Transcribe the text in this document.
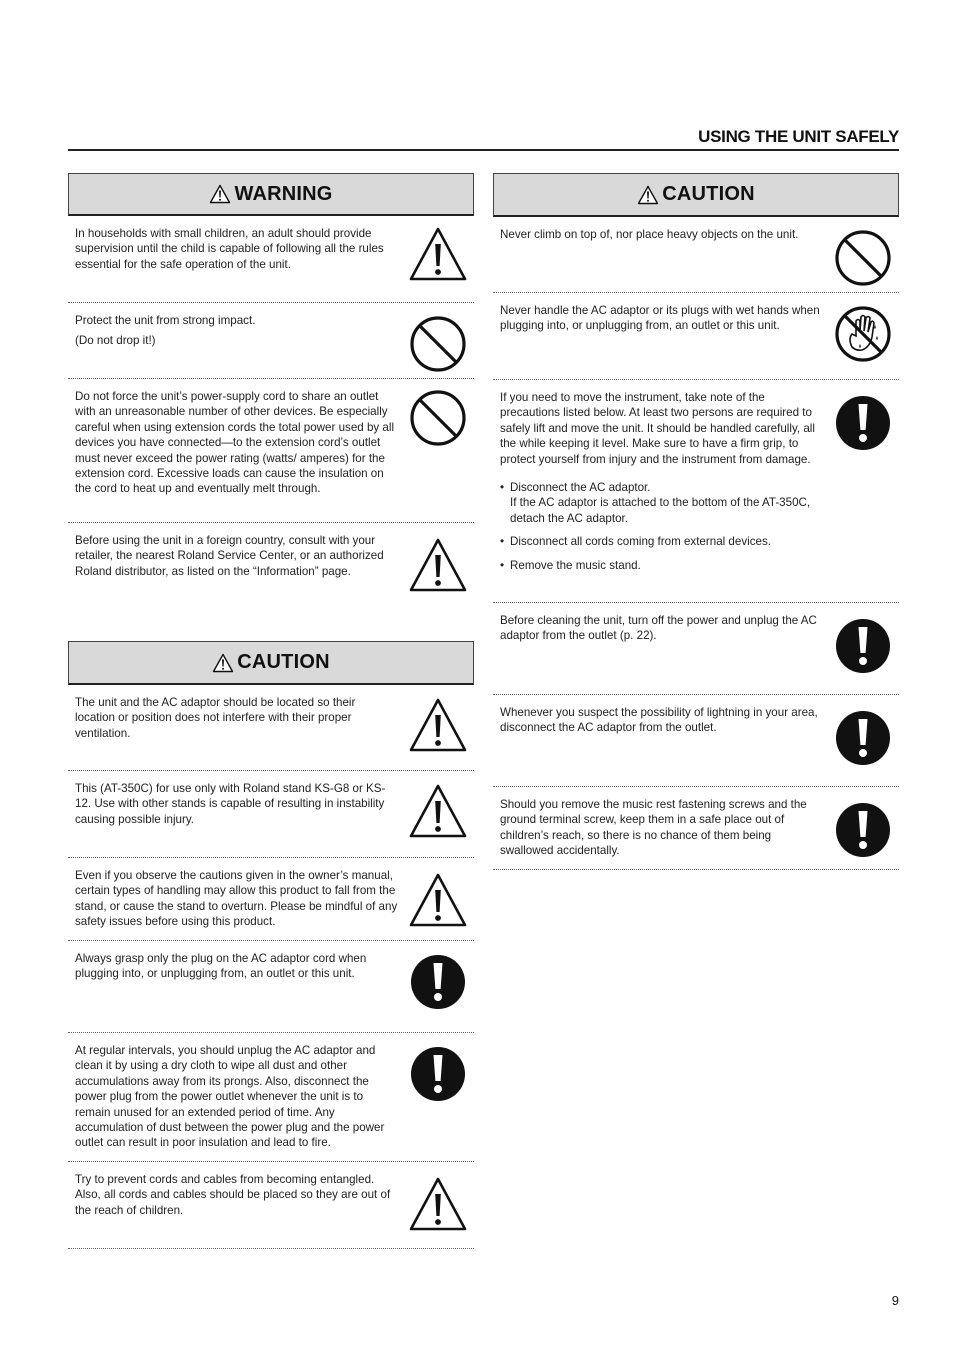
USING THE UNIT SAFELY
WARNING
In households with small children, an adult should provide supervision until the child is capable of following all the rules essential for the safe operation of the unit.

Protect the unit from strong impact.

(Do not drop it!)

Do not force the unit’s power-supply cord to share an outlet with an unreasonable number of other devices. Be especially careful when using extension cords the total power used by all devices you have connected—to the extension cord’s outlet must never exceed the power rating (watts/ amperes) for the extension cord. Excessive loads can cause the insulation on the cord to heat up and eventually melt through.
Before using the unit in a foreign country, consult with your retailer, the nearest Roland Service Center, or an authorized Roland distributor, as listed on the “Information” page.
CAUTION
The unit and the AC adaptor should be located so their location or position does not interfere with their proper ventilation.
This (AT-350C) for use only with Roland stand KS-G8 or KS-12. Use with other stands is capable of resulting in instability causing possible injury.
Even if you observe the cautions given in the owner’s manual, certain types of handling may allow this product to fall from the stand, or cause the stand to overturn. Please be mindful of any safety issues before using this product.
Always grasp only the plug on the AC adaptor cord when plugging into, or unplugging from, an outlet or this unit.
At regular intervals, you should unplug the AC adaptor and clean it by using a dry cloth to wipe all dust and other accumulations away from its prongs. Also, disconnect the power plug from the power outlet whenever the unit is to remain unused for an extended period of time. Any accumulation of dust between the power plug and the power outlet can result in poor insulation and lead to fire.
Try to prevent cords and cables from becoming entangled. Also, all cords and cables should be placed so they are out of the reach of children.
CAUTION
Never climb on top of, nor place heavy objects on the unit.
Never handle the AC adaptor or its plugs with wet hands when plugging into, or unplugging from, an outlet or this unit.

If you need to move the instrument, take note of the precautions listed below. At least two persons are required to safely lift and move the unit. It should be handled carefully, all the while keeping it level. Make sure to have a firm grip, to protect yourself from injury and the instrument from damage.

• Disconnect the AC adaptor.
If the AC adaptor is attached to the bottom of the AT-350C, detach the AC adaptor.
• Disconnect all cords coming from external devices.
• Remove the music stand.
Before cleaning the unit, turn off the power and unplug the AC adaptor from the outlet (p. 22).
Whenever you suspect the possibility of lightning in your area, disconnect the AC adaptor from the outlet.
Should you remove the music rest fastening screws and the ground terminal screw, keep them in a safe place out of children’s reach, so there is no chance of them being swallowed accidentally.
9
